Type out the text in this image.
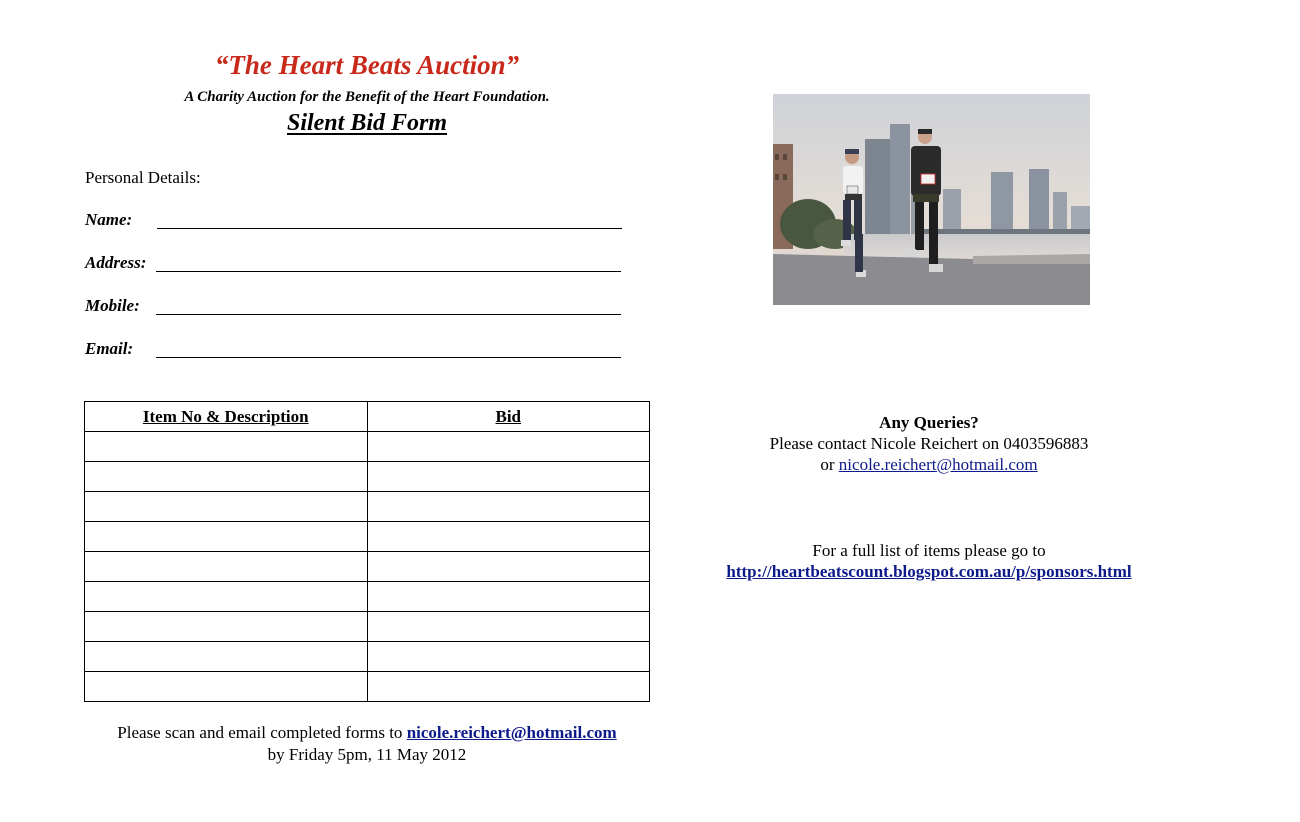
“The Heart Beats Auction”
A Charity Auction for the Benefit of the Heart Foundation.
Silent Bid Form
Personal Details:
Name:
Address:
Mobile:
Email:
Item No & Description	Bid

Please scan and email completed forms to nicole.reichert@hotmail.com
by Friday 5pm, 11 May 2012
Any Queries?
Please contact Nicole Reichert on 0403596883
or nicole.reichert@hotmail.com
For a full list of items please go to
http://heartbeatscount.blogspot.com.au/p/sponsors.html
